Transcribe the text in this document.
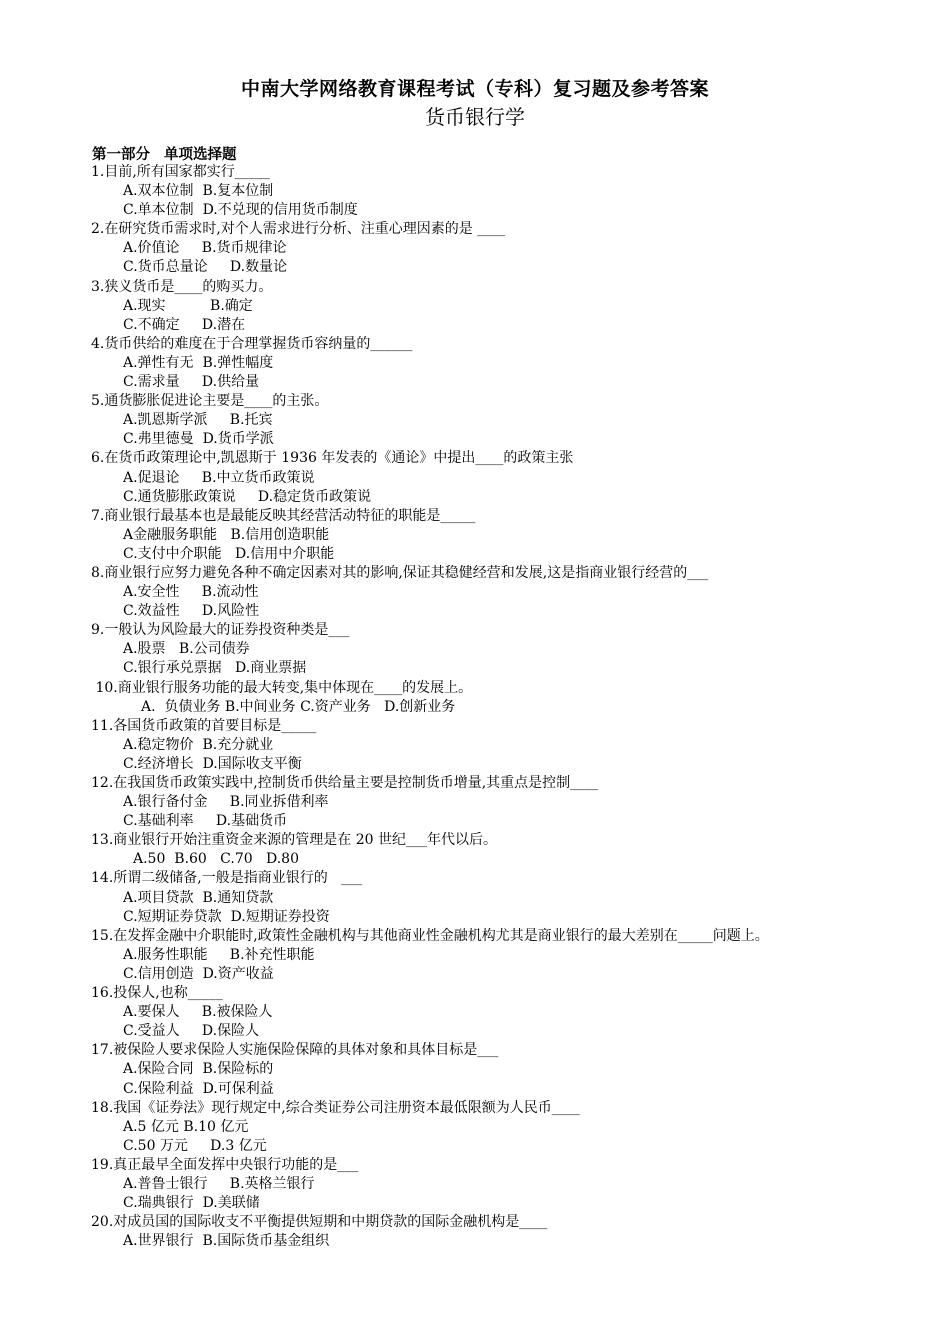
中南大学网络教育课程考试（专科）复习题及参考答案
货币银行学
第一部分 单项选择题
1.目前,所有国家都实行_____
A.双本位制  B.复本位制
C.单本位制  D.不兑现的信用货币制度
2.在研究货币需求时,对个人需求进行分析、注重心理因素的是 ____
A.价值论     B.货币规律论
C.货币总量论     D.数量论
3.狭义货币是____的购买力。
A.现实          B.确定
C.不确定     D.潜在
4.货币供给的难度在于合理掌握货币容纳量的______
A.弹性有无  B.弹性幅度
C.需求量     D.供给量
5.通货膨胀促进论主要是____的主张。
A.凯恩斯学派     B.托宾
C.弗里德曼  D.货币学派
6.在货币政策理论中,凯恩斯于 1936 年发表的《通论》中提出____的政策主张
A.促退论     B.中立货币政策说
C.通货膨胀政策说     D.稳定货币政策说
7.商业银行最基本也是最能反映其经营活动特征的职能是_____
A金融服务职能   B.信用创造职能
C.支付中介职能   D.信用中介职能
8.商业银行应努力避免各种不确定因素对其的影响,保证其稳健经营和发展,这是指商业银行经营的___
A.安全性     B.流动性
C.效益性     D.风险性
9.一般认为风险最大的证券投资种类是___
A.股票   B.公司债券
C.银行承兑票据   D.商业票据
10.商业银行服务功能的最大转变,集中体现在____的发展上。
A.  负债业务 B.中间业务 C.资产业务   D.创新业务
11.各国货币政策的首要目标是_____
A.稳定物价  B.充分就业
C.经济增长  D.国际收支平衡
12.在我国货币政策实践中,控制货币供给量主要是控制货币增量,其重点是控制____
A.银行备付金     B.同业拆借利率
C.基础利率     D.基础货币
13.商业银行开始注重资金来源的管理是在 20 世纪___年代以后。
A.50  B.60   C.70   D.80
14.所谓二级储备,一般是指商业银行的   ___
A.项目贷款  B.通知贷款
C.短期证券贷款  D.短期证券投资
15.在发挥金融中介职能时,政策性金融机构与其他商业性金融机构尤其是商业银行的最大差别在_____问题上。
A.服务性职能     B.补充性职能
C.信用创造  D.资产收益
16.投保人,也称_____
A.要保人     B.被保险人
C.受益人     D.保险人
17.被保险人要求保险人实施保险保障的具体对象和具体目标是___
A.保险合同  B.保险标的
C.保险利益  D.可保利益
18.我国《证券法》现行规定中,综合类证券公司注册资本最低限额为人民币____
A.5 亿元 B.10 亿元
C.50 万元     D.3 亿元
19.真正最早全面发挥中央银行功能的是___
A.普鲁士银行     B.英格兰银行
C.瑞典银行  D.美联储
20.对成员国的国际收支不平衡提供短期和中期贷款的国际金融机构是____
A.世界银行  B.国际货币基金组织
